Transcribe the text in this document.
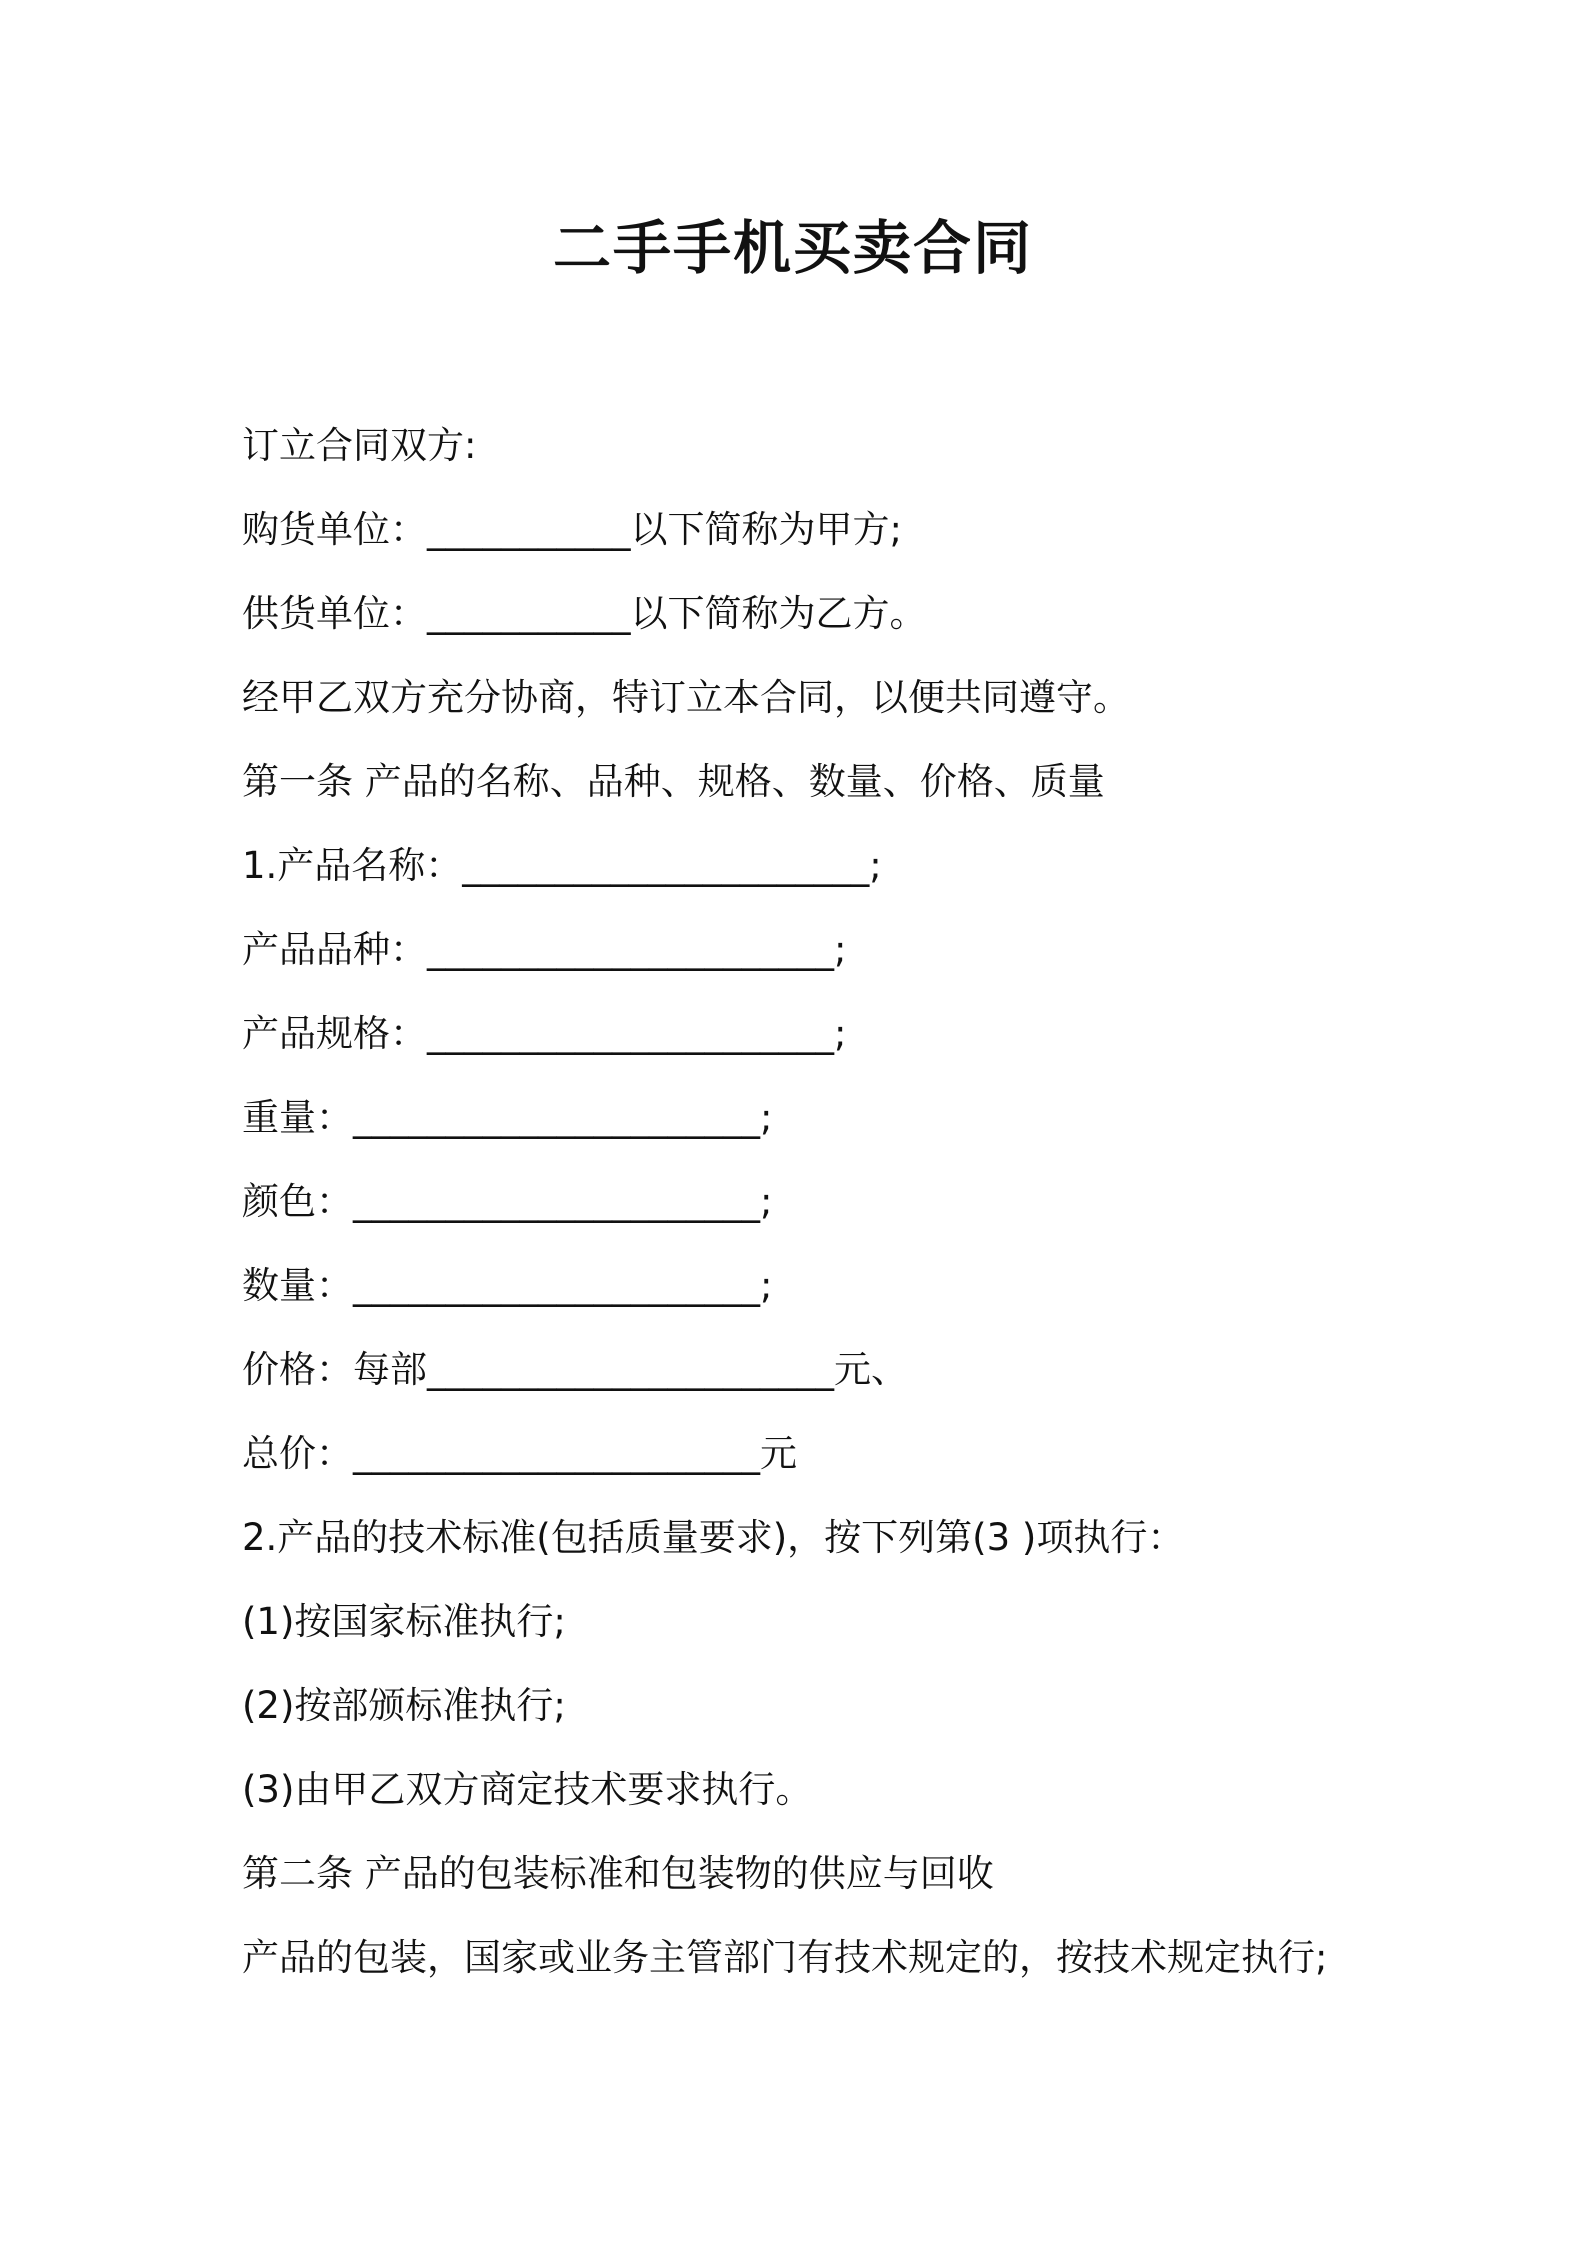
二手手机买卖合同
订立合同双方:
购货单位：___________以下简称为甲方;
供货单位：___________以下简称为乙方。
经甲乙双方充分协商，特订立本合同，以便共同遵守。
第一条 产品的名称、品种、规格、数量、价格、质量
1.产品名称：______________________;
产品品种：______________________;
产品规格：______________________;
重量：______________________;
颜色：______________________;
数量：______________________;
价格：每部______________________元、
总价：______________________元
2.产品的技术标准(包括质量要求)，按下列第(3 )项执行：
(1)按国家标准执行;
(2)按部颁标准执行;
(3)由甲乙双方商定技术要求执行。
第二条 产品的包装标准和包装物的供应与回收
产品的包装，国家或业务主管部门有技术规定的，按技术规定执行;
